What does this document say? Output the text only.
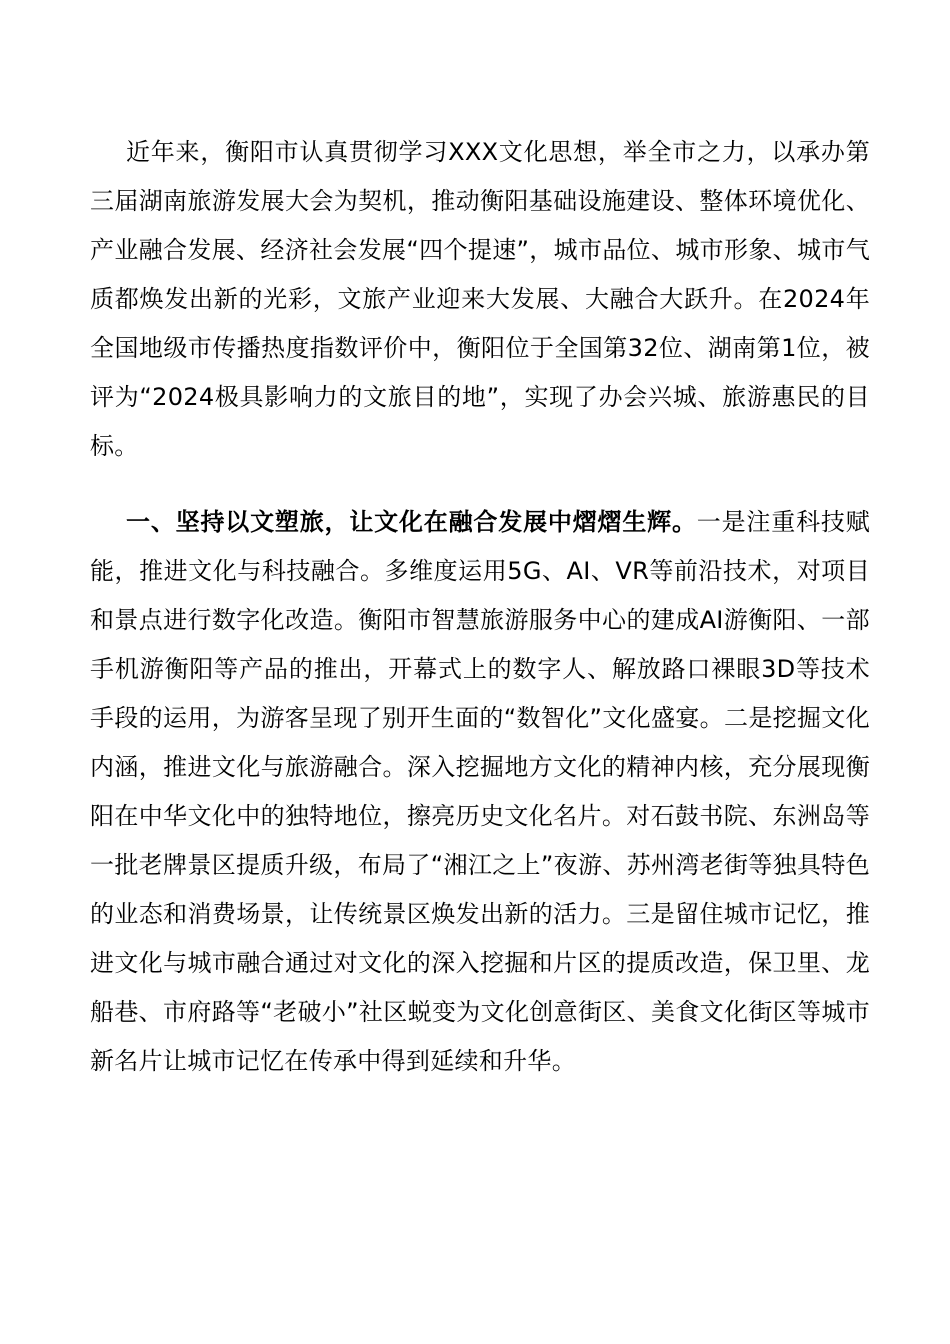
近年来，衡阳市认真贯彻学习XXX文化思想，举全市之力，以承办第三届湖南旅游发展大会为契机，推动衡阳基础设施建设、整体环境优化、产业融合发展、经济社会发展“四个提速”，城市品位、城市形象、城市气质都焕发出新的光彩，文旅产业迎来大发展、大融合大跃升。在2024年全国地级市传播热度指数评价中，衡阳位于全国第32位、湖南第1位，被评为“2024极具影响力的文旅目的地”，实现了办会兴城、旅游惠民的目标。

一、坚持以文塑旅，让文化在融合发展中熠熠生辉。一是注重科技赋能，推进文化与科技融合。多维度运用5G、AI、VR等前沿技术，对项目和景点进行数字化改造。衡阳市智慧旅游服务中心的建成AI游衡阳、一部手机游衡阳等产品的推出，开幕式上的数字人、解放路口裸眼3D等技术手段的运用，为游客呈现了别开生面的“数智化”文化盛宴。二是挖掘文化内涵，推进文化与旅游融合。深入挖掘地方文化的精神内核，充分展现衡阳在中华文化中的独特地位，擦亮历史文化名片。对石鼓书院、东洲岛等一批老牌景区提质升级，布局了“湘江之上”夜游、苏州湾老街等独具特色的业态和消费场景，让传统景区焕发出新的活力。三是留住城市记忆，推进文化与城市融合通过对文化的深入挖掘和片区的提质改造，保卫里、龙船巷、市府路等“老破小”社区蜕变为文化创意街区、美食文化街区等城市新名片让城市记忆在传承中得到延续和升华。
